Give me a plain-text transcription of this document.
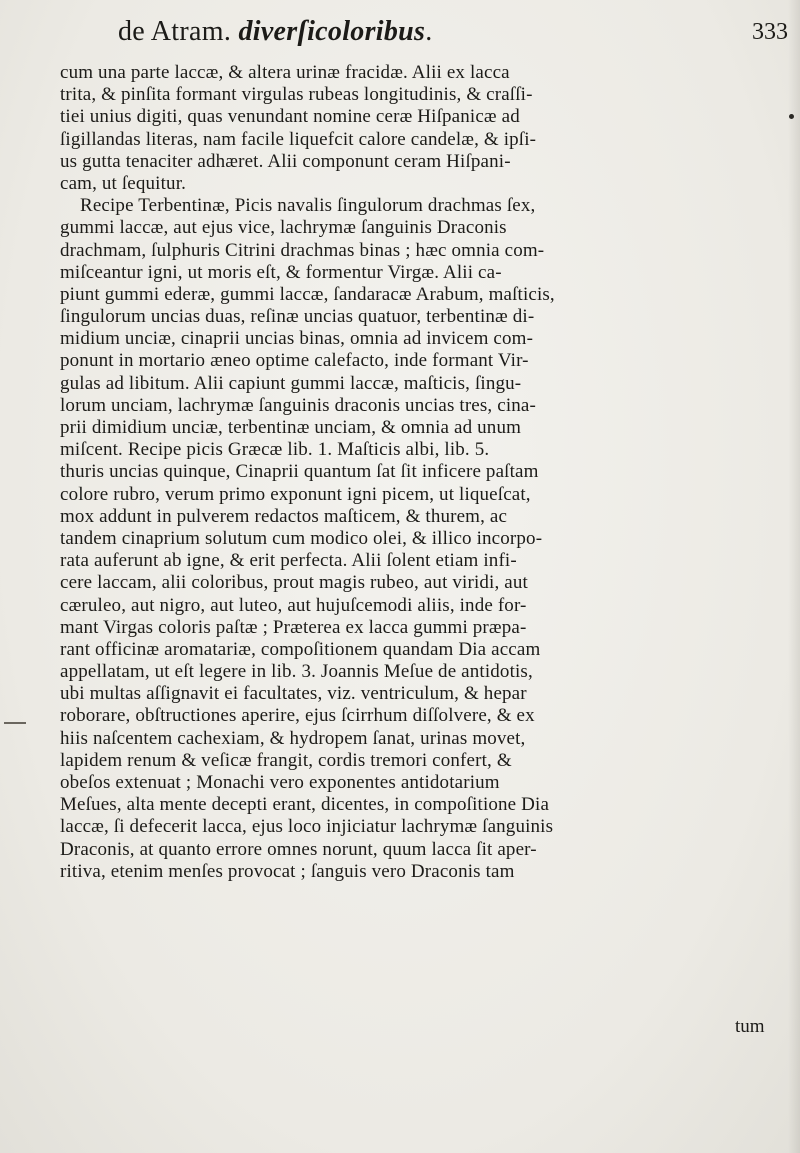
de Atram. diverſicoloribus.	333
cum una parte laccæ, & altera urinæ fracidæ. Alii ex lacca
trita, & pinſita formant virgulas rubeas longitudinis, & craſſi-
tiei unius digiti, quas venundant nomine ceræ Hiſpanicæ ad
ſigillandas literas, nam facile liquefcit calore candelæ, & ipſi-
us gutta tenaciter adhæret. Alii componunt ceram Hiſpani-
cam, ut ſequitur.
Recipe Terbentinæ, Picis navalis ſingulorum drachmas ſex,
gummi laccæ, aut ejus vice, lachrymæ ſanguinis Draconis
drachmam, ſulphuris Citrini drachmas binas ; hæc omnia com-
miſceantur igni, ut moris eſt, & formentur Virgæ. Alii ca-
piunt gummi ederæ, gummi laccæ, ſandaracæ Arabum, maſticis,
ſingulorum uncias duas, reſinæ uncias quatuor, terbentinæ di-
midium unciæ, cinaprii uncias binas, omnia ad invicem com-
ponunt in mortario æneo optime calefacto, inde formant Vir-
gulas ad libitum. Alii capiunt gummi laccæ, maſticis, ſingu-
lorum unciam, lachrymæ ſanguinis draconis uncias tres, cina-
prii dimidium unciæ, terbentinæ unciam, & omnia ad unum
miſcent. Recipe picis Græcæ lib. 1. Maſticis albi, lib. 5.
thuris uncias quinque, Cinaprii quantum ſat ſit inficere paſtam
colore rubro, verum primo exponunt igni picem, ut liqueſcat,
mox addunt in pulverem redactos maſticem, & thurem, ac
tandem cinaprium solutum cum modico olei, & illico incorpo-
rata auferunt ab igne, & erit perfecta. Alii ſolent etiam infi-
cere laccam, alii coloribus, prout magis rubeo, aut viridi, aut
cæruleo, aut nigro, aut luteo, aut hujuſcemodi aliis, inde for-
mant Virgas coloris paſtæ ; Præterea ex lacca gummi præpa-
rant officinæ aromatariæ, compoſitionem quandam Dia accam
appellatam, ut eſt legere in lib. 3. Joannis Meſue de antidotis,
ubi multas aſſignavit ei facultates, viz. ventriculum, & hepar
roborare, obſtructiones aperire, ejus ſcirrhum diſſolvere, & ex
hiis naſcentem cachexiam, & hydropem ſanat, urinas movet,
lapidem renum & veſicæ frangit, cordis tremori confert, &
obeſos extenuat ; Monachi vero exponentes antidotarium
Meſues, alta mente decepti erant, dicentes, in compoſitione Dia
laccæ, ſi defecerit lacca, ejus loco injiciatur lachrymæ ſanguinis
Draconis, at quanto errore omnes norunt, quum lacca ſit aper-
ritiva, etenim menſes provocat ; ſanguis vero Draconis tam
tum
